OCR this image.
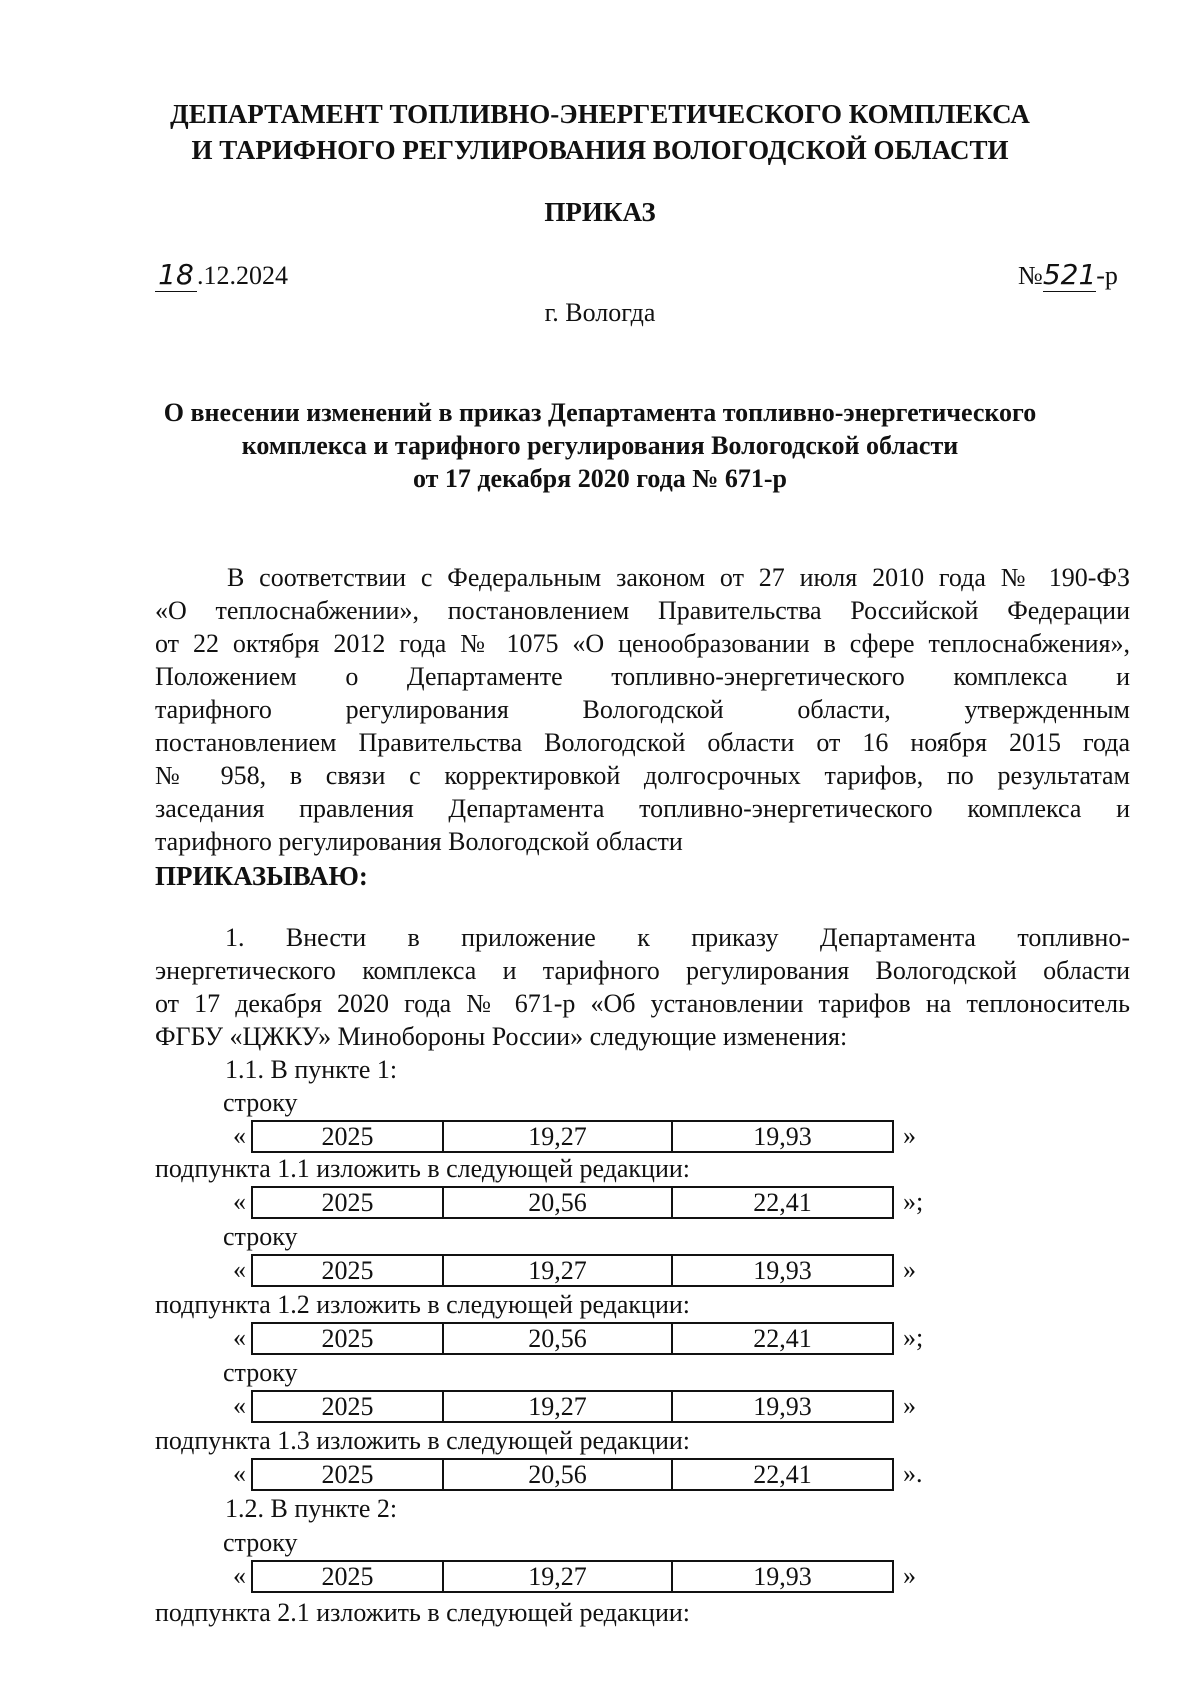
ДЕПАРТАМЕНТ ТОПЛИВНО-ЭНЕРГЕТИЧЕСКОГО КОМПЛЕКСА
И ТАРИФНОГО РЕГУЛИРОВАНИЯ ВОЛОГОДСКОЙ ОБЛАСТИ
ПРИКАЗ
18 .12.2024	№521-р
г. Вологда
О внесении изменений в приказ Департамента топливно-энергетического
комплекса и тарифного регулирования Вологодской области
от 17 декабря 2020 года № 671-р
В соответствии с Федеральным законом от 27 июля 2010 года № 190-ФЗ
«О теплоснабжении», постановлением Правительства Российской Федерации
от 22 октября 2012 года № 1075 «О ценообразовании в сфере теплоснабжения»,
Положением о Департаменте топливно-энергетического комплекса и
тарифного регулирования Вологодской области, утвержденным
постановлением Правительства Вологодской области от 16 ноября 2015 года
№ 958, в связи с корректировкой долгосрочных тарифов, по результатам
заседания правления Департамента топливно-энергетического комплекса и
тарифного регулирования Вологодской области
ПРИКАЗЫВАЮ:
1. Внести в приложение к приказу Департамента топливно-
энергетического комплекса и тарифного регулирования Вологодской области
от 17 декабря 2020 года № 671-р «Об установлении тарифов на теплоноситель
ФГБУ «ЦЖКУ» Минобороны России» следующие изменения:
1.1. В пункте 1:
строку
«	2025	19,27	19,93	»
подпункта 1.1 изложить в следующей редакции:
«	2025	20,56	22,41	»;
строку
«	2025	19,27	19,93	»
подпункта 1.2 изложить в следующей редакции:
«	2025	20,56	22,41	»;
строку
«	2025	19,27	19,93	»
подпункта 1.3 изложить в следующей редакции:
«	2025	20,56	22,41	».
1.2. В пункте 2:
строку
«	2025	19,27	19,93	»
подпункта 2.1 изложить в следующей редакции:
